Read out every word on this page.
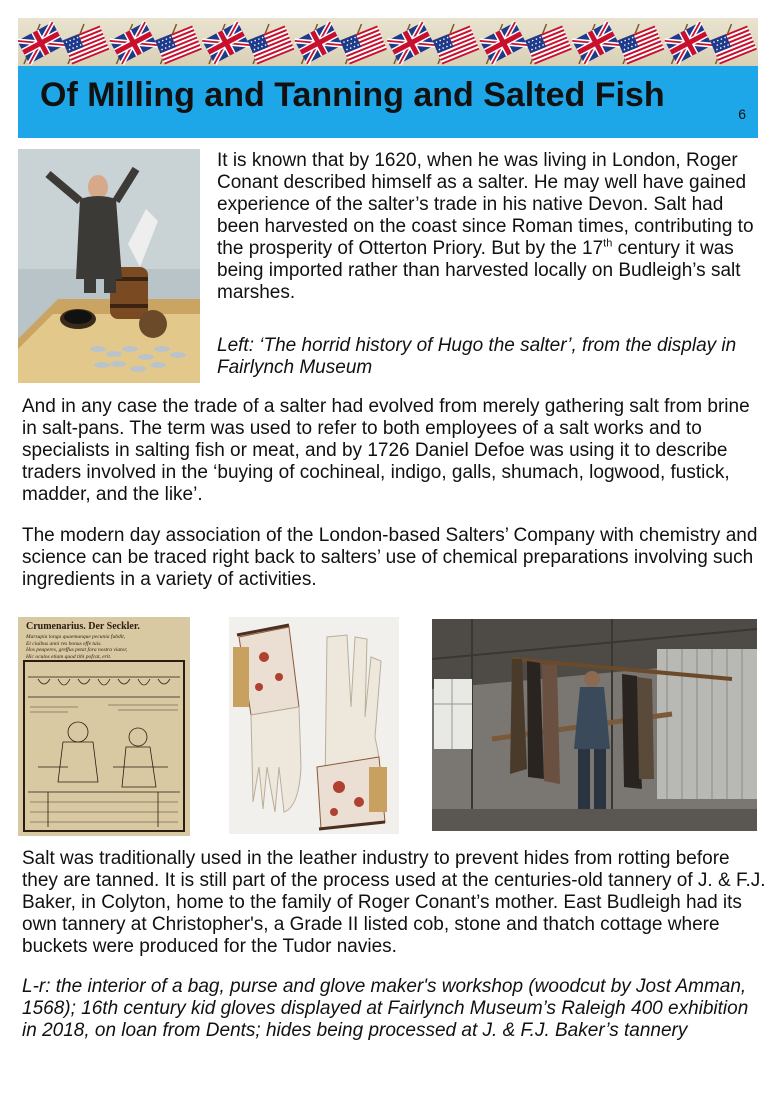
Of Milling and Tanning and Salted Fish	6

It is known that by 1620, when he was living in London, Roger Conant described himself as a salter. He may well have gained experience of the salter’s trade in his native Devon. Salt had been harvested on the coast since Roman times, contributing to the prosperity of Otterton Priory. But by the 17th century it was being imported rather than harvested locally on Budleigh’s salt marshes.

Left: ‘The horrid history of Hugo the salter’, from the display in Fairlynch Museum

And in any case the trade of a salter had evolved from merely gathering salt from brine in salt-pans. The term was used to refer to both employees of a salt works and to specialists in salting fish or meat, and by 1726 Daniel Defoe was using it to describe traders involved in the ‘buying of cochineal, indigo, galls, shumach, logwood, fustick, madder, and the like’.

The modern day association of the London-based Salters’ Company with chemistry and science can be traced right back to salters’ use of chemical preparations involving such ingredients in a variety of activities.

Crumenarius. Der Seckler.
Marsupia longa quaemunque pecunia fubdit,
Et ciuibus anni res bonus effe tuis.
Hos peuperes, greffus petat fora nostra viator,
Hic oculos etiam quod tibi pofcat, erit.

Salt was traditionally used in the leather industry to prevent hides from rotting before they are tanned. It is still part of the process used at the centuries-old tannery of J. & F.J. Baker, in Colyton, home to the family of Roger Conant’s mother. East Budleigh had its own tannery at Christopher's, a Grade II listed cob, stone and thatch cottage where buckets were produced for the Tudor navies.

L-r: the interior of a bag, purse and glove maker's workshop (woodcut by Jost Amman, 1568); 16th century kid gloves displayed at Fairlynch Museum’s Raleigh 400 exhibition in 2018, on loan from Dents; hides being processed at J. & F.J. Baker’s tannery
